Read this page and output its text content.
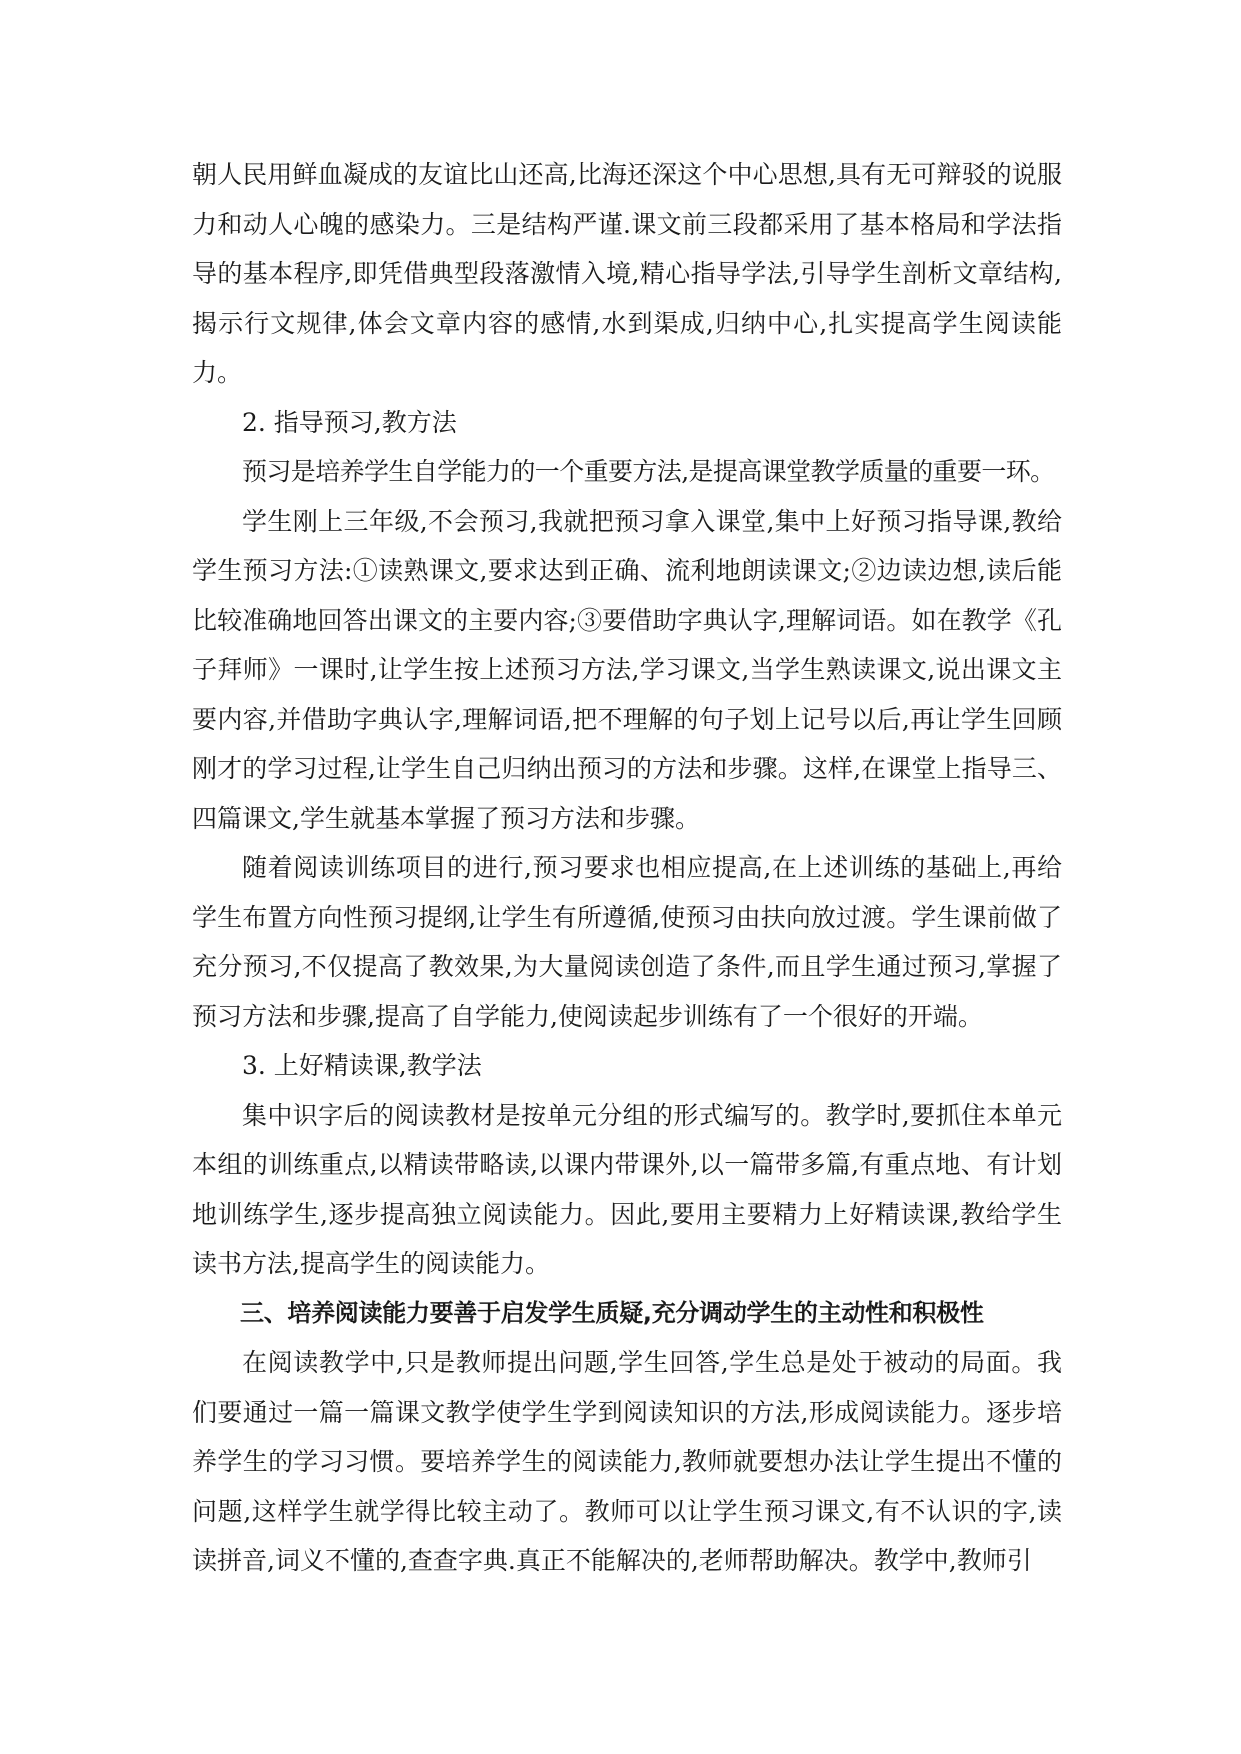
朝人民用鲜血凝成的友谊比山还高,比海还深这个中心思想,具有无可辩驳的说服力和动人心魄的感染力。三是结构严谨.课文前三段都采用了基本格局和学法指导的基本程序,即凭借典型段落激情入境,精心指导学法,引导学生剖析文章结构,揭示行文规律,体会文章内容的感情,水到渠成,归纳中心,扎实提高学生阅读能力。

2. 指导预习,教方法

预习是培养学生自学能力的一个重要方法,是提高课堂教学质量的重要一环。

学生刚上三年级,不会预习,我就把预习拿入课堂,集中上好预习指导课,教给学生预习方法:①读熟课文,要求达到正确、流利地朗读课文;②边读边想,读后能比较准确地回答出课文的主要内容;③要借助字典认字,理解词语。如在教学《孔子拜师》一课时,让学生按上述预习方法,学习课文,当学生熟读课文,说出课文主要内容,并借助字典认字,理解词语,把不理解的句子划上记号以后,再让学生回顾刚才的学习过程,让学生自己归纳出预习的方法和步骤。这样,在课堂上指导三、四篇课文,学生就基本掌握了预习方法和步骤。

随着阅读训练项目的进行,预习要求也相应提高,在上述训练的基础上,再给学生布置方向性预习提纲,让学生有所遵循,使预习由扶向放过渡。学生课前做了充分预习,不仅提高了教效果,为大量阅读创造了条件,而且学生通过预习,掌握了预习方法和步骤,提高了自学能力,使阅读起步训练有了一个很好的开端。

3. 上好精读课,教学法

集中识字后的阅读教材是按单元分组的形式编写的。教学时,要抓住本单元本组的训练重点,以精读带略读,以课内带课外,以一篇带多篇,有重点地、有计划地训练学生,逐步提高独立阅读能力。因此,要用主要精力上好精读课,教给学生读书方法,提高学生的阅读能力。

三、培养阅读能力要善于启发学生质疑,充分调动学生的主动性和积极性

在阅读教学中,只是教师提出问题,学生回答,学生总是处于被动的局面。我们要通过一篇一篇课文教学使学生学到阅读知识的方法,形成阅读能力。逐步培养学生的学习习惯。要培养学生的阅读能力,教师就要想办法让学生提出不懂的问题,这样学生就学得比较主动了。教师可以让学生预习课文,有不认识的字,读读拼音,词义不懂的,查查字典.真正不能解决的,老师帮助解决。教学中,教师引
